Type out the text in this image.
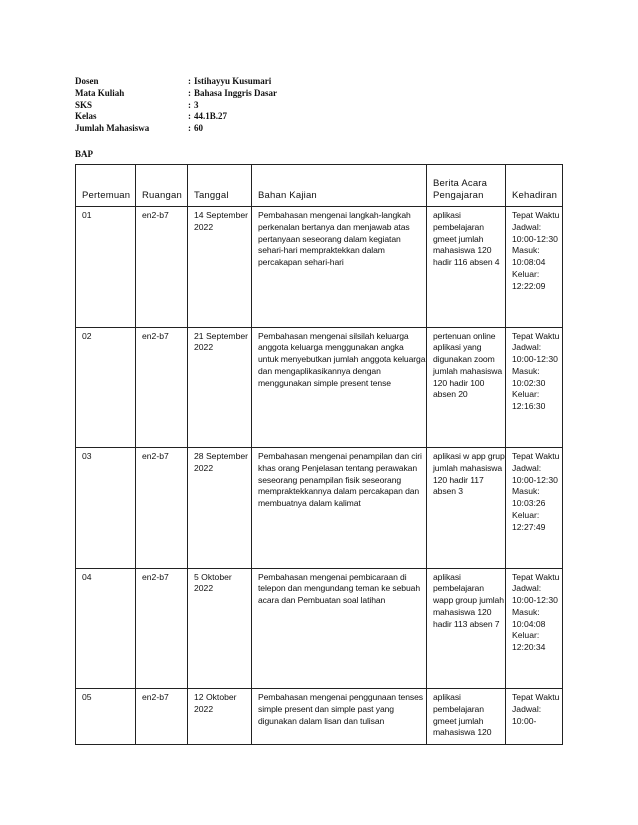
Dosen	: Istihayyu Kusumari
Mata Kuliah	: Bahasa Inggris Dasar
SKS	: 3
Kelas	: 44.1B.27
Jumlah Mahasiswa	: 60
BAP
Pertemuan	Ruangan	Tanggal	Bahan Kajian	Berita Acara Pengajaran	Kehadiran
01	en2-b7	14 September 2022	Pembahasan mengenai langkah-langkah perkenalan bertanya dan menjawab atas pertanyaan seseorang dalam kegiatan sehari-hari mempraktekkan dalam percakapan sehari-hari	aplikasi pembelajaran gmeet jumlah mahasiswa 120 hadir 116 absen 4	Tepat Waktu Jadwal: 10:00-12:30 Masuk: 10:08:04 Keluar: 12:22:09
02	en2-b7	21 September 2022	Pembahasan mengenai silsilah keluarga anggota keluarga menggunakan angka untuk menyebutkan jumlah anggota keluarga dan mengaplikasikannya dengan menggunakan simple present tense	pertenuan online aplikasi yang digunakan zoom jumlah mahasiswa 120 hadir 100 absen 20	Tepat Waktu Jadwal: 10:00-12:30 Masuk: 10:02:30 Keluar: 12:16:30
03	en2-b7	28 September 2022	Pembahasan mengenai penampilan dan ciri khas orang Penjelasan tentang perawakan seseorang penampilan fisik seseorang mempraktekkannya dalam percakapan dan membuatnya dalam kalimat	aplikasi w app grup jumlah mahasiswa 120 hadir 117 absen 3	Tepat Waktu Jadwal: 10:00-12:30 Masuk: 10:03:26 Keluar: 12:27:49
04	en2-b7	5 Oktober 2022	Pembahasan mengenai pembicaraan di telepon dan mengundang teman ke sebuah acara dan Pembuatan soal latihan	aplikasi pembelajaran wapp group jumlah mahasiswa 120 hadir 113 absen 7	Tepat Waktu Jadwal: 10:00-12:30 Masuk: 10:04:08 Keluar: 12:20:34
05	en2-b7	12 Oktober 2022	Pembahasan mengenai penggunaan tenses simple present dan simple past yang digunakan dalam lisan dan tulisan	aplikasi pembelajaran gmeet jumlah mahasiswa 120	Tepat Waktu Jadwal: 10:00-
